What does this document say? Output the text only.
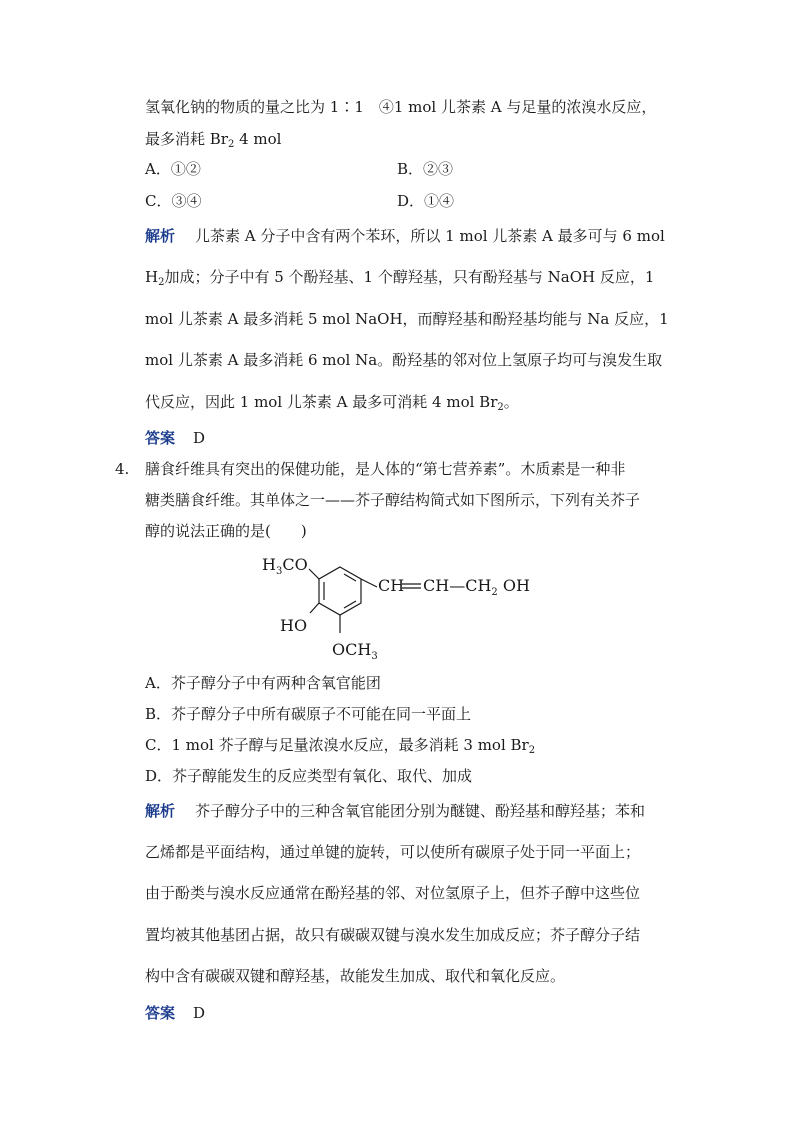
氢氧化钠的物质的量之比为 1∶1　④1 mol 儿茶素 A 与足量的浓溴水反应，
最多消耗 $Br_2$ 4 mol
A．①②	B．②③
C．③④	D．①④
解析 儿茶素 A 分子中含有两个苯环，所以 1 mol 儿茶素 A 最多可与 6 mol
$H_2$加成；分子中有 5 个酚羟基、1 个醇羟基，只有酚羟基与 NaOH 反应，1
mol 儿茶素 A 最多消耗 5 mol NaOH，而醇羟基和酚羟基均能与 Na 反应，1
mol 儿茶素 A 最多消耗 6 mol Na。酚羟基的邻对位上氢原子均可与溴发生取
代反应，因此 1 mol 儿茶素 A 最多可消耗 4 mol $Br_2$。
答案 D
4. 膳食纤维具有突出的保健功能，是人体的“第七营养素”。木质素是一种非
糖类膳食纤维。其单体之一——芥子醇结构简式如下图所示，下列有关芥子
醇的说法正确的是(　　)
$H_3CO$
HO
$OCH_3$
CH $CH—CH_2$ OH
A．芥子醇分子中有两种含氧官能团
B．芥子醇分子中所有碳原子不可能在同一平面上
C．1 mol 芥子醇与足量浓溴水反应，最多消耗 3 mol $Br_2$
D．芥子醇能发生的反应类型有氧化、取代、加成
解析 芥子醇分子中的三种含氧官能团分别为醚键、酚羟基和醇羟基；苯和
乙烯都是平面结构，通过单键的旋转，可以使所有碳原子处于同一平面上；
由于酚类与溴水反应通常在酚羟基的邻、对位氢原子上，但芥子醇中这些位
置均被其他基团占据，故只有碳碳双键与溴水发生加成反应；芥子醇分子结
构中含有碳碳双键和醇羟基，故能发生加成、取代和氧化反应。
答案 D
